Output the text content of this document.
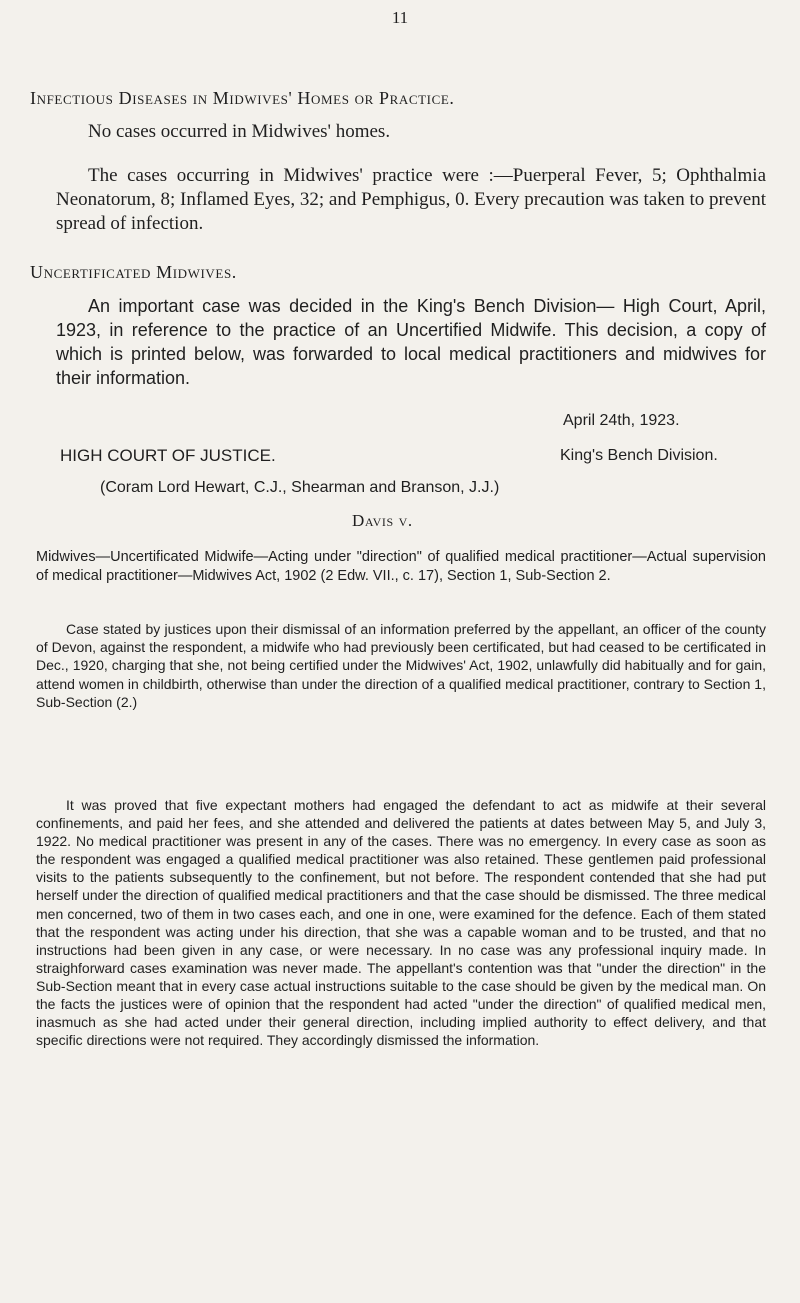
11
Infectious Diseases in Midwives' Homes or Practice.

No cases occurred in Midwives' homes.

The cases occurring in Midwives' practice were :—Puerperal Fever, 5; Ophthalmia Neonatorum, 8; Inflamed Eyes, 32; and Pemphigus, 0. Every precaution was taken to prevent spread of infection.

Uncertificated Midwives.

An important case was decided in the King's Bench Division— High Court, April, 1923, in reference to the practice of an Uncertified Midwife. This decision, a copy of which is printed below, was forwarded to local medical practitioners and midwives for their information.

April 24th, 1923.
HIGH COURT OF JUSTICE.	King's Bench Division.
(Coram Lord Hewart, C.J., Shearman and Branson, J.J.)
Davis v.

Midwives—Uncertificated Midwife—Acting under "direction" of qualified medical practitioner—Actual supervision of medical practitioner—Midwives Act, 1902 (2 Edw. VII., c. 17), Section 1, Sub-Section 2.

Case stated by justices upon their dismissal of an information preferred by the appellant, an officer of the county of Devon, against the respondent, a midwife who had previously been certificated, but had ceased to be certificated in Dec., 1920, charging that she, not being certified under the Midwives' Act, 1902, unlawfully did habitually and for gain, attend women in childbirth, otherwise than under the direction of a qualified medical practitioner, contrary to Section 1, Sub-Section (2.)

It was proved that five expectant mothers had engaged the defendant to act as midwife at their several confinements, and paid her fees, and she attended and delivered the patients at dates between May 5, and July 3, 1922. No medical practitioner was present in any of the cases. There was no emergency. In every case as soon as the respondent was engaged a qualified medical practitioner was also retained. These gentlemen paid professional visits to the patients subsequently to the confinement, but not before. The respondent contended that she had put herself under the direction of qualified medical practitioners and that the case should be dismissed. The three medical men concerned, two of them in two cases each, and one in one, were examined for the defence. Each of them stated that the respondent was acting under his direction, that she was a capable woman and to be trusted, and that no instructions had been given in any case, or were necessary. In no case was any professional inquiry made. In straighforward cases examination was never made. The appellant's contention was that "under the direction" in the Sub-Section meant that in every case actual instructions suitable to the case should be given by the medical man. On the facts the justices were of opinion that the respondent had acted "under the direction" of qualified medical men, inasmuch as she had acted under their general direction, including implied authority to effect delivery, and that specific directions were not required. They accordingly dismissed the information.
